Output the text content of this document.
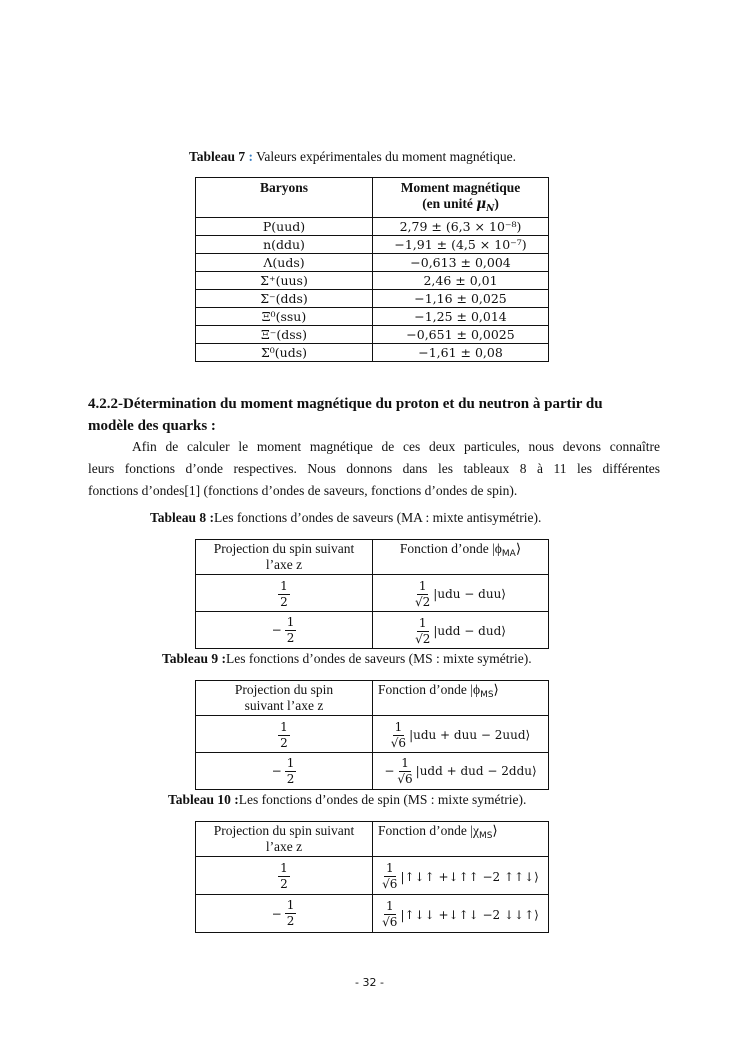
Tableau 7 : Valeurs expérimentales du moment magnétique.
Baryons	Moment magnétique
(en unité $\mu_N$)
P(uud)	2,79 ± (6,3 × 10⁻⁸)
n(ddu)	−1,91 ± (4,5 × 10⁻⁷)
Λ(uds)	−0,613 ± 0,004
Σ⁺(uus)	2,46 ± 0,01
Σ⁻(dds)	−1,16 ± 0,025
Ξ⁰(ssu)	−1,25 ± 0,014
Ξ⁻(dss)	−0,651 ± 0,0025
Σ⁰(uds)	−1,61 ± 0,08
4.2.2-Détermination du moment magnétique du proton et du neutron à partir du
modèle des quarks :
Afin de calculer le moment magnétique de ces deux particules, nous devons connaître
leurs fonctions d’onde respectives. Nous donnons dans les tableaux 8 à 11 les différentes
fonctions d’ondes[1] (fonctions d’ondes de saveurs, fonctions d’ondes de spin).
Tableau 8 :Les fonctions d’ondes de saveurs (MA : mixte antisymétrie).
Projection du spin suivant
l’axe z	Fonction d’onde $|\phi_{MA}⟩$

$\frac{1}{2}$	$\frac{1}{√2} |udu$ − duu⟩

− $\frac{1}{2}$	$\frac{1}{√2} |udd$ − dud⟩
Tableau 9 :Les fonctions d’ondes de saveurs (MS : mixte symétrie).
Projection du spin
suivant l’axe z	Fonction d’onde $|\phi_{MS}⟩$

$\frac{1}{2}$	$\frac{1}{√6} |udu$ + duu − 2uud⟩

− $\frac{1}{2}$	− $\frac{1}{√6} |udd$ + dud − 2ddu⟩
Tableau 10 :Les fonctions d’ondes de spin (MS : mixte symétrie).
Projection du spin suivant
l’axe z	Fonction d’onde $|\chi_{MS}⟩$

$\frac{1}{2}$	$\frac{1}{√6}$ |↑↓↑ +↓↑↑ −2 ↑↑↓⟩

− $\frac{1}{2}$	$\frac{1}{√6}$ |↑↓↓ +↓↑↓ −2 ↓↓↑⟩
- 32 -
